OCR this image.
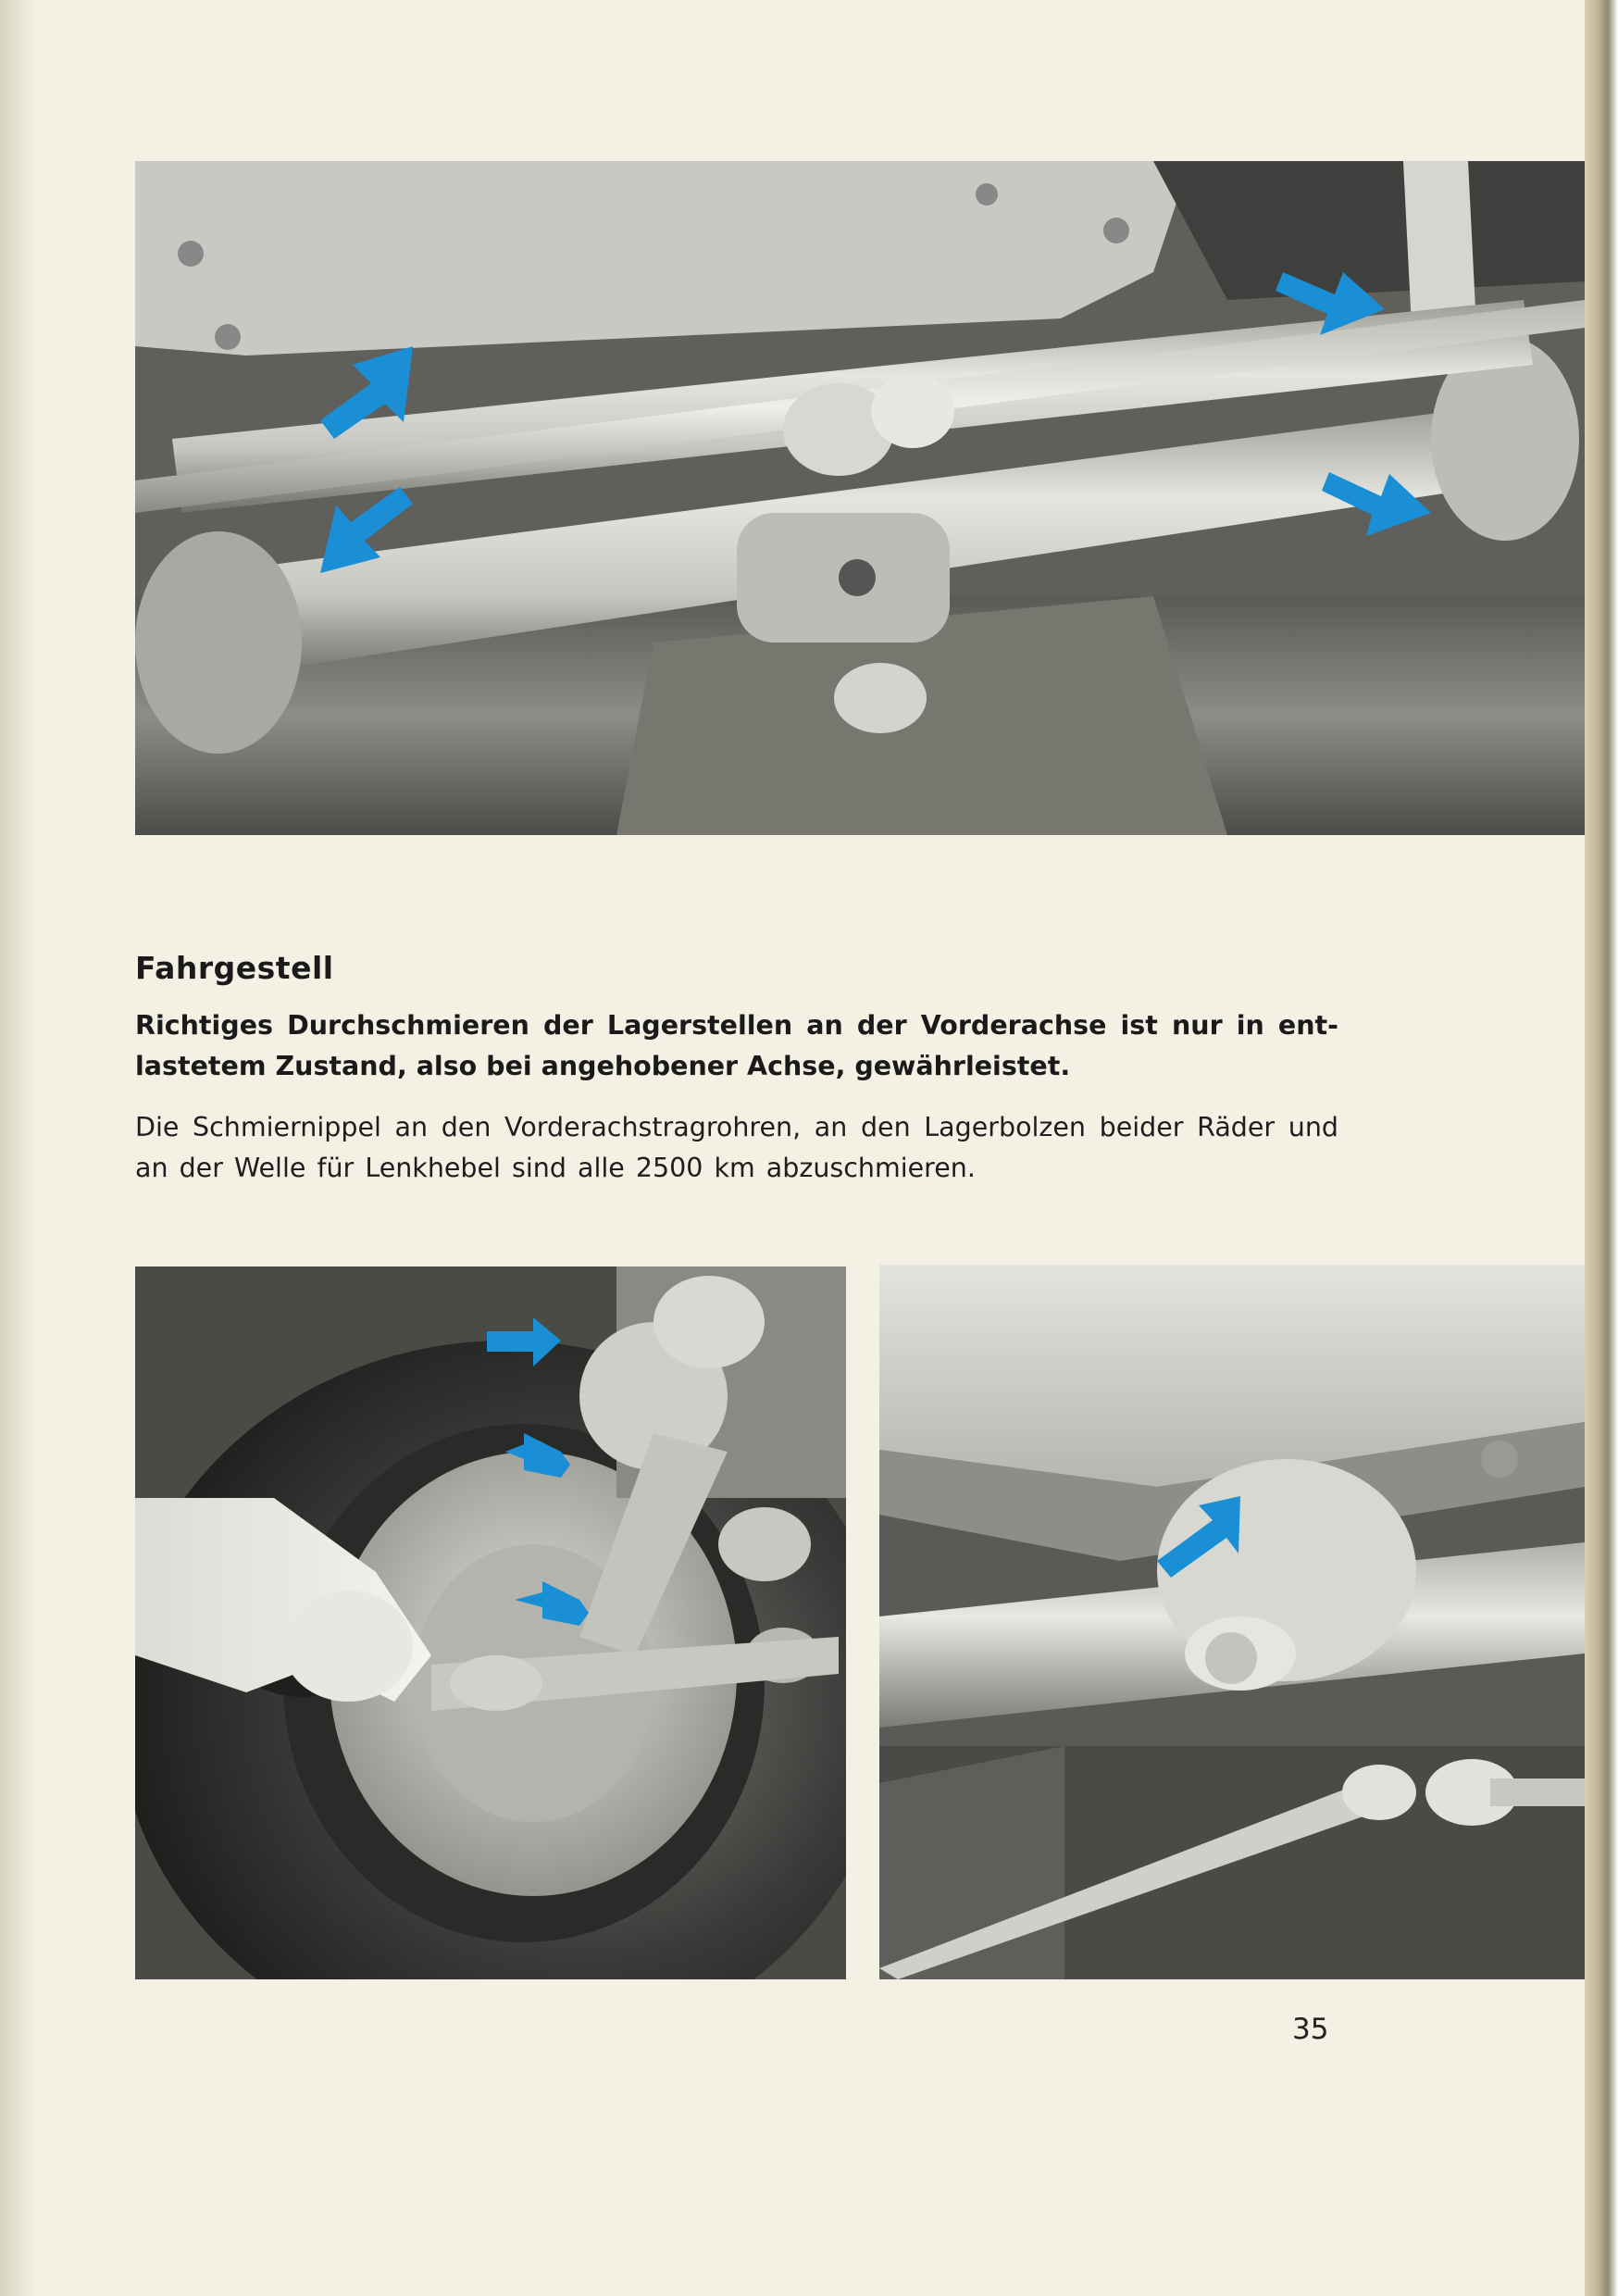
Fahrgestell
Richtiges Durchschmieren der Lagerstellen an der Vorderachse ist nur in ent-lastetem Zustand, also bei angehobener Achse, gewährleistet.
Die Schmiernippel an den Vorderachstragrohren, an den Lagerbolzen beider Räder und an der Welle für Lenkhebel sind alle 2500 km abzuschmieren.
35
